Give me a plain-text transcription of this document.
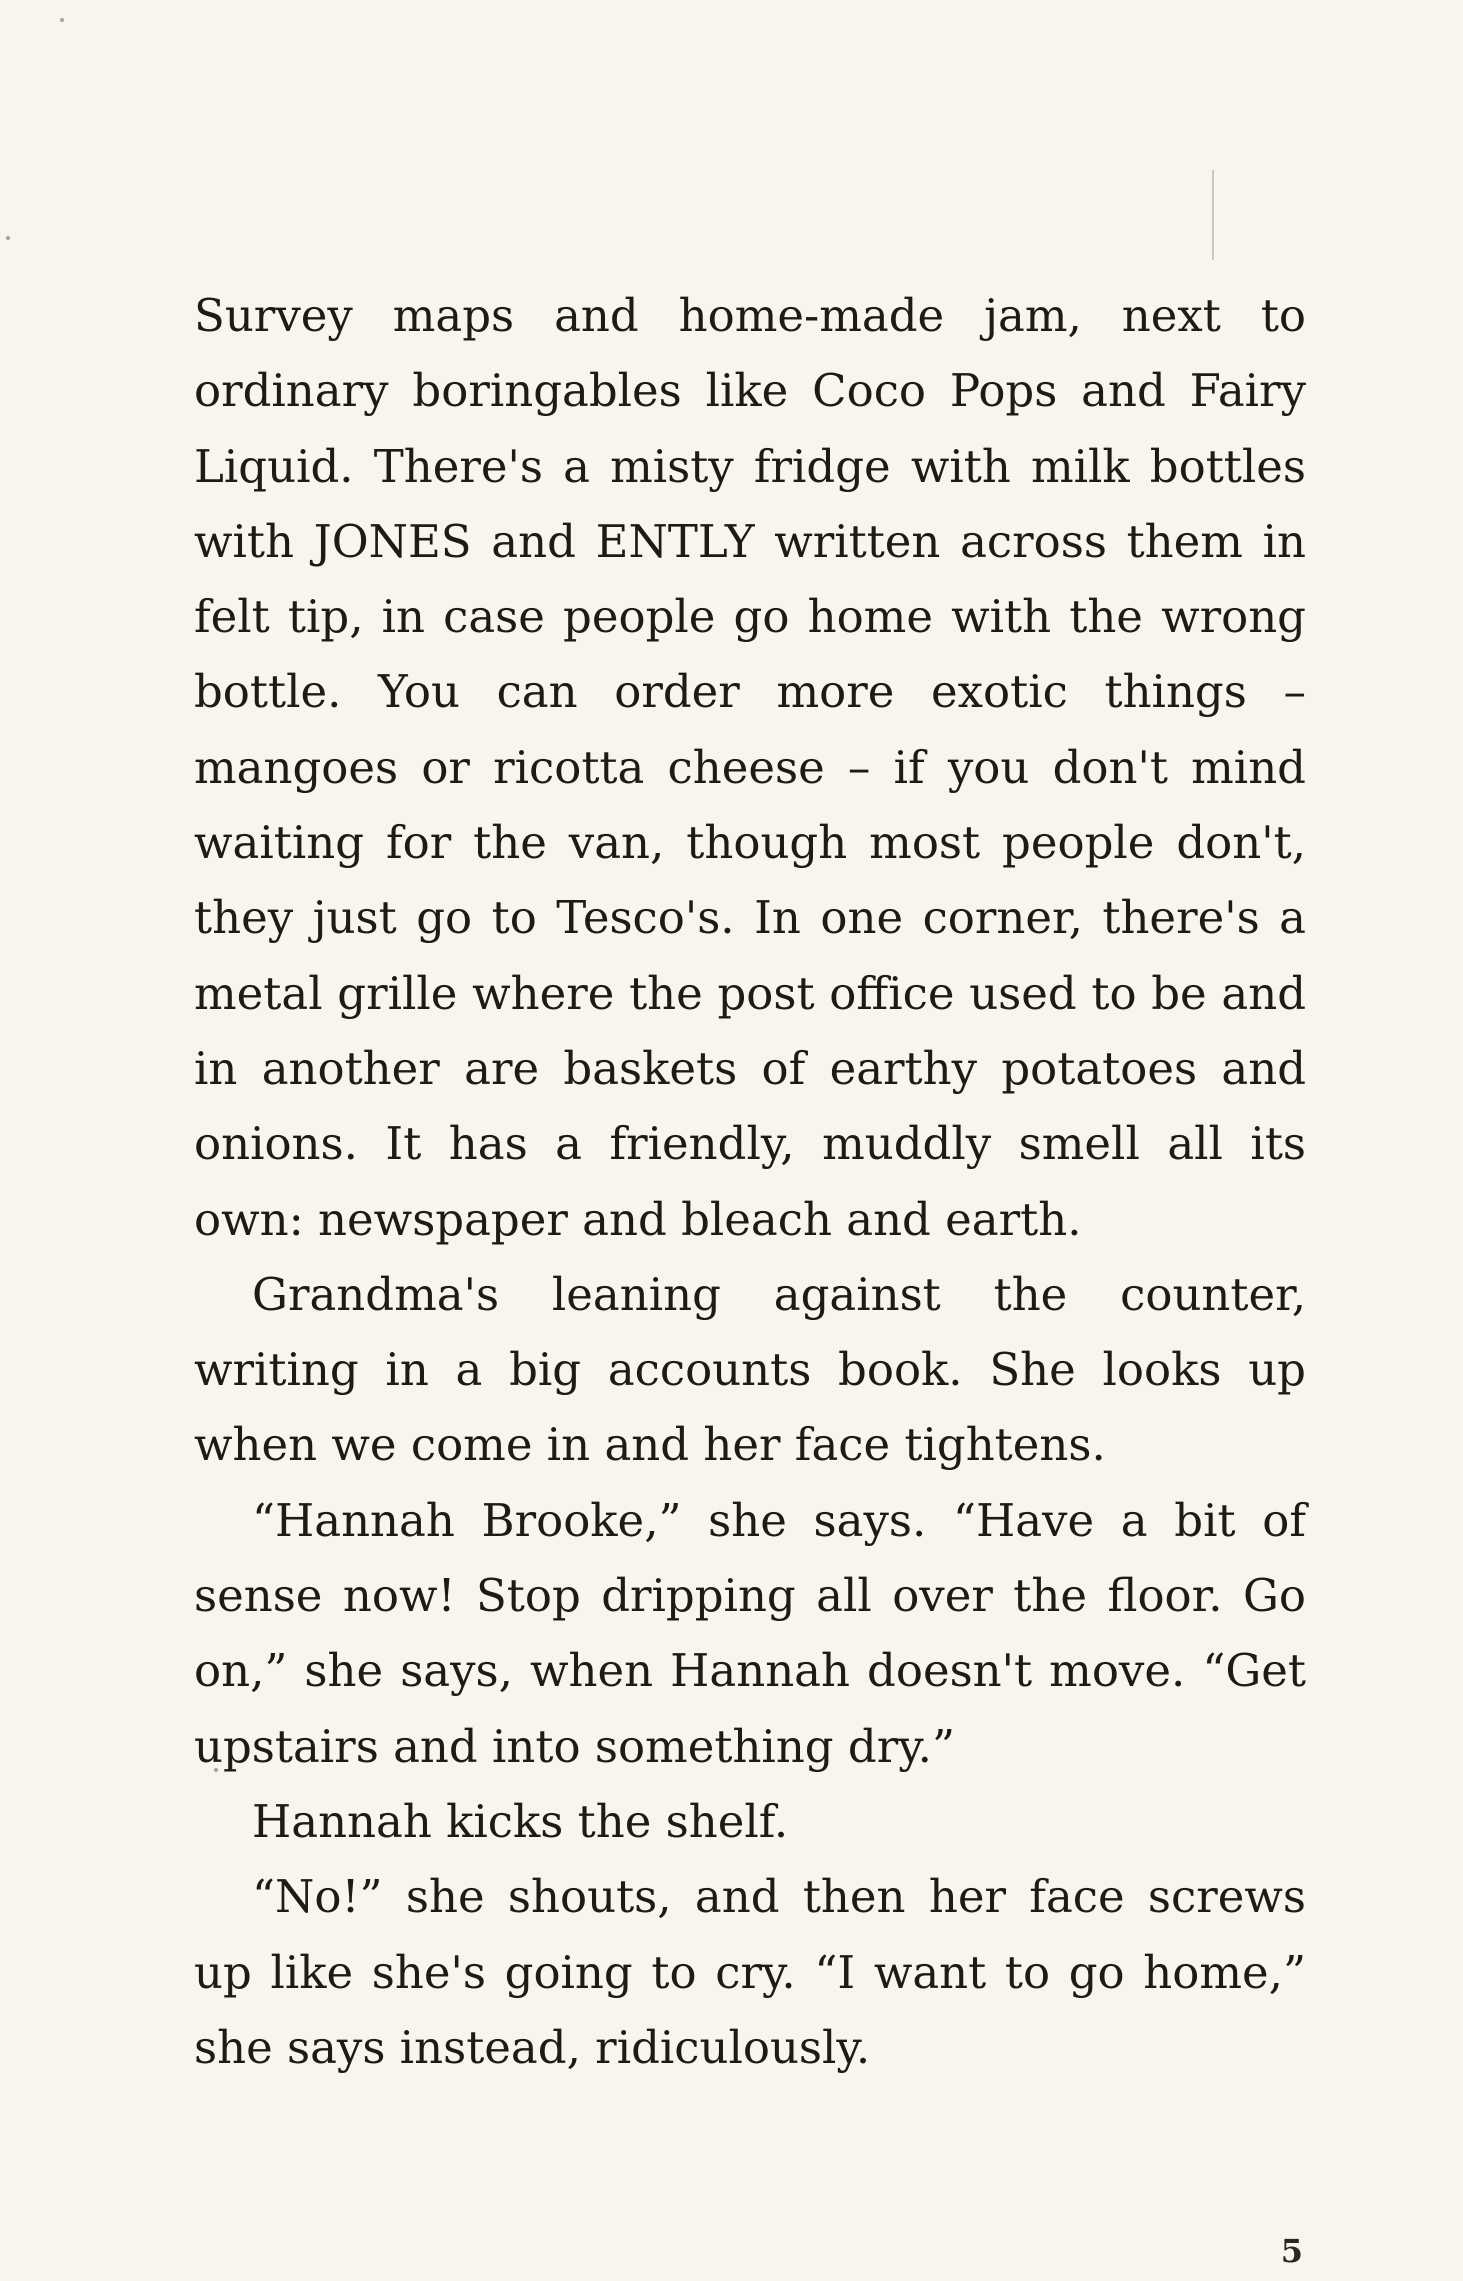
Survey maps and home-made jam, next to ordinary boringables like Coco Pops and Fairy Liquid. There's a misty fridge with milk bottles with JONES and ENTLY written across them in felt tip, in case people go home with the wrong bottle. You can order more exotic things – mangoes or ricotta cheese – if you don't mind waiting for the van, though most people don't, they just go to Tesco's. In one corner, there's a metal grille where the post office used to be and in another are baskets of earthy potatoes and onions. It has a friendly, muddly smell all its own: newspaper and bleach and earth.

Grandma's leaning against the counter, writing in a big accounts book. She looks up when we come in and her face tightens.

“Hannah Brooke,” she says. “Have a bit of sense now! Stop dripping all over the floor. Go on,” she says, when Hannah doesn't move. “Get upstairs and into something dry.”

Hannah kicks the shelf.

“No!” she shouts, and then her face screws up like she's going to cry. “I want to go home,” she says instead, ridiculously.

5
